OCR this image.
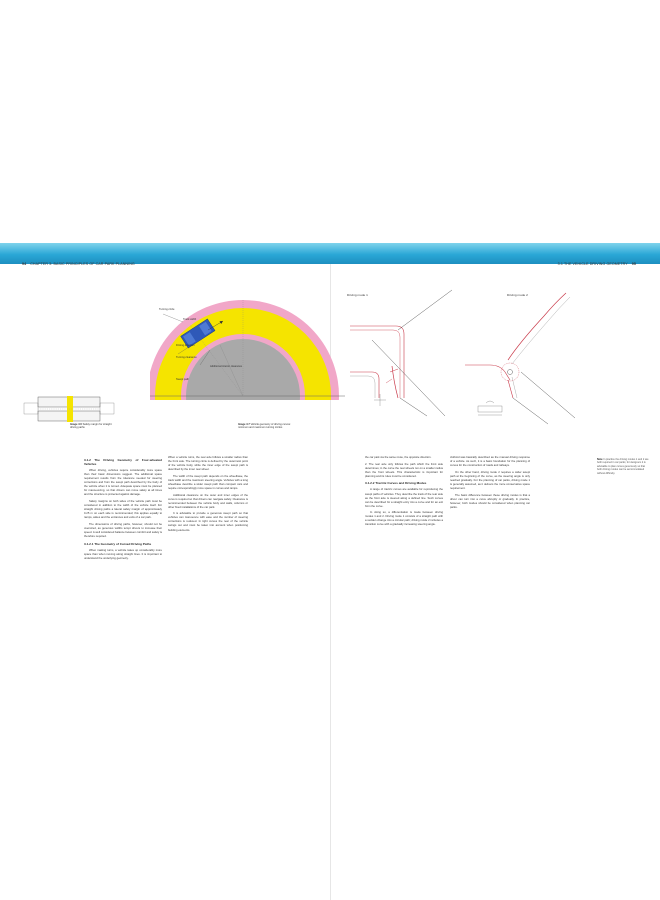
94 CHAPTER 3: BASIC PRINCIPLES OF CAR PARK PLANNING	3.1 THE VEHICLE DRIVING GEOMETRY 95
Turning circle
Track width
Driving direction
Turning clearance
Additional interior clearance
Swept path
Image 3.6 Safety margin for straight driving paths
Image 3.7 Vehicle geometry of driving curves: minimum and maximum turning circles
Driving mode 1	Driving mode 2
3.1.2 The Driving Geometry of Four-wheeled Vehicles

When driving, vehicles require considerably more space than their basic dimensions suggest. The additional space requirement results from the tolerance needed for steering corrections and from the swept path described by the body of the vehicle when it is turned. Adequate space must be planned for manoeuvring, so that drivers can move safely at all times and the structure is protected against damage.

Safety margins on both sides of the vehicle path must be considered in addition to the width of the vehicle itself. For straight driving paths a lateral safety margin of approximately 0.25 m on each side is recommended; this applies equally to ramps, aisles and the entrances and exits of a car park.

The dimensions of driving paths, however, should not be oversized, as generous widths tempt drivers to increase their speed. A well considered balance between comfort and safety is therefore required.

3.1.2.1 The Geometry of Curved Driving Paths

When making turns, a vehicle takes up considerably more space than when moving along straight lines. It is important to understand the underlying geometry.

When a vehicle turns, the rear axle follows a smaller radius than the front axle. The turning circle is defined by the outermost point of the vehicle body, while the inner edge of the swept path is described by the inner rear wheel.

The width of the swept path depends on the wheelbase, the track width and the maximum steering angle. Vehicles with a long wheelbase describe a wider swept path than compact cars and require correspondingly more space in curves and ramps.

Additional clearance on the outer and inner edges of the curve is required so that drivers can navigate safely. Clearance is recommended between the vehicle body and walls, columns or other fixed installations of the car park.

It is advisable to provide a generous swept path so that vehicles can manoeuvre with ease and the number of steering corrections is reduced. In tight curves the rear of the vehicle swings out and must be taken into account when positioning building elements.

the car park via the same route, the opposite direction.

2. The rear axle only follows the path which the front axle determines; in the curve the rear wheels run on a smaller radius than the front wheels. This characteristic is important for planning and its rules must be considered.

3.1.2.2 Tractrix Curves and Driving Modes

A range of tractrix curves are available for reproducing the swept paths of vehicles. They describe the track of the rear axle as the front axle is steered along a defined line. Such curves can be described for a straight entry into a curve and for an exit from the curve.

In doing so, a differentiation is made between driving modes 1 and 2. Driving mode 1 consists of a straight path with a sudden change into a circular path; driving mode 2 includes a transition curve with a gradually increasing steering angle.

clothoid was basically described as the manual driving response of a vehicle. As such, it is a basic foundation for the planning of curves for the construction of roads and railways.

On the other hand, driving mode 2 requires a wider swept path at the beginning of the curve, as the steering angle is only reached gradually. For the planning of car parks, driving mode 1 is generally assumed, as it delivers the more conservative space requirement.

The basic difference between these driving modes is that a driver can turn into a curve abruptly or gradually. In practice, however, both modes should be considered when planning car parks.

Note In practice the driving modes 1 and 2 are both required in car parks; for designers it is advisable to plan curves generously so that both driving modes can be accommodated without difficulty.
